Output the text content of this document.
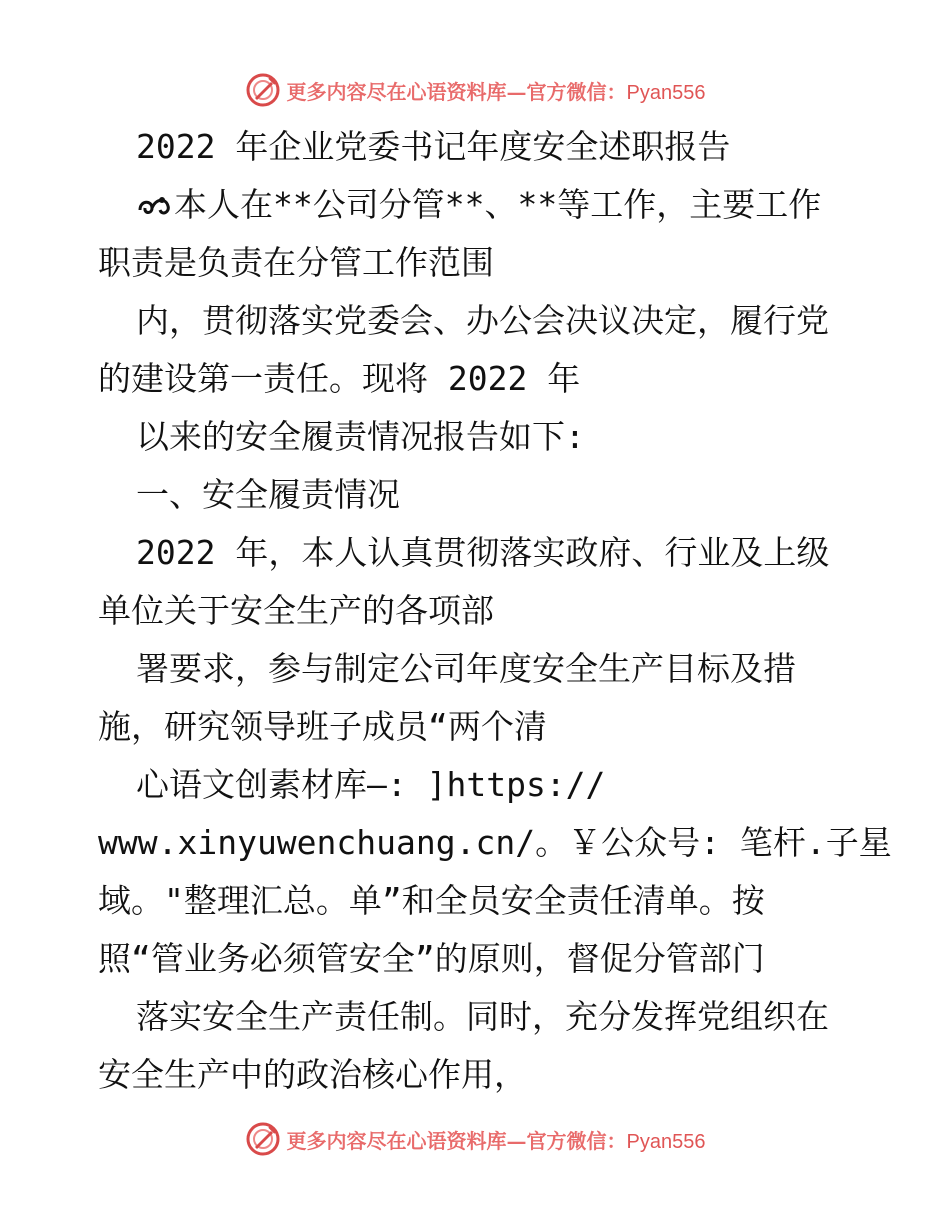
更多内容尽在心语资料库—官方微信：Pyan556
2022 年企业党委书记年度安全述职报告
本人在**公司分管**、**等工作，主要工作
职责是负责在分管工作范围
内，贯彻落实党委会、办公会决议决定，履行党
的建设第一责任。现将 2022 年
以来的安全履责情况报告如下:
一、安全履责情况
2022 年，本人认真贯彻落实政府、行业及上级
单位关于安全生产的各项部
署要求，参与制定公司年度安全生产目标及措
施，研究领导班子成员“两个清
心语文创素材库—: ]https://
www.xinyuwenchuang.cn/。￥公众号: 笔杆.子星
域。"整理汇总。单”和全员安全责任清单。按
照“管业务必须管安全”的原则，督促分管部门
落实安全生产责任制。同时，充分发挥党组织在
安全生产中的政治核心作用，
更多内容尽在心语资料库—官方微信：Pyan556
